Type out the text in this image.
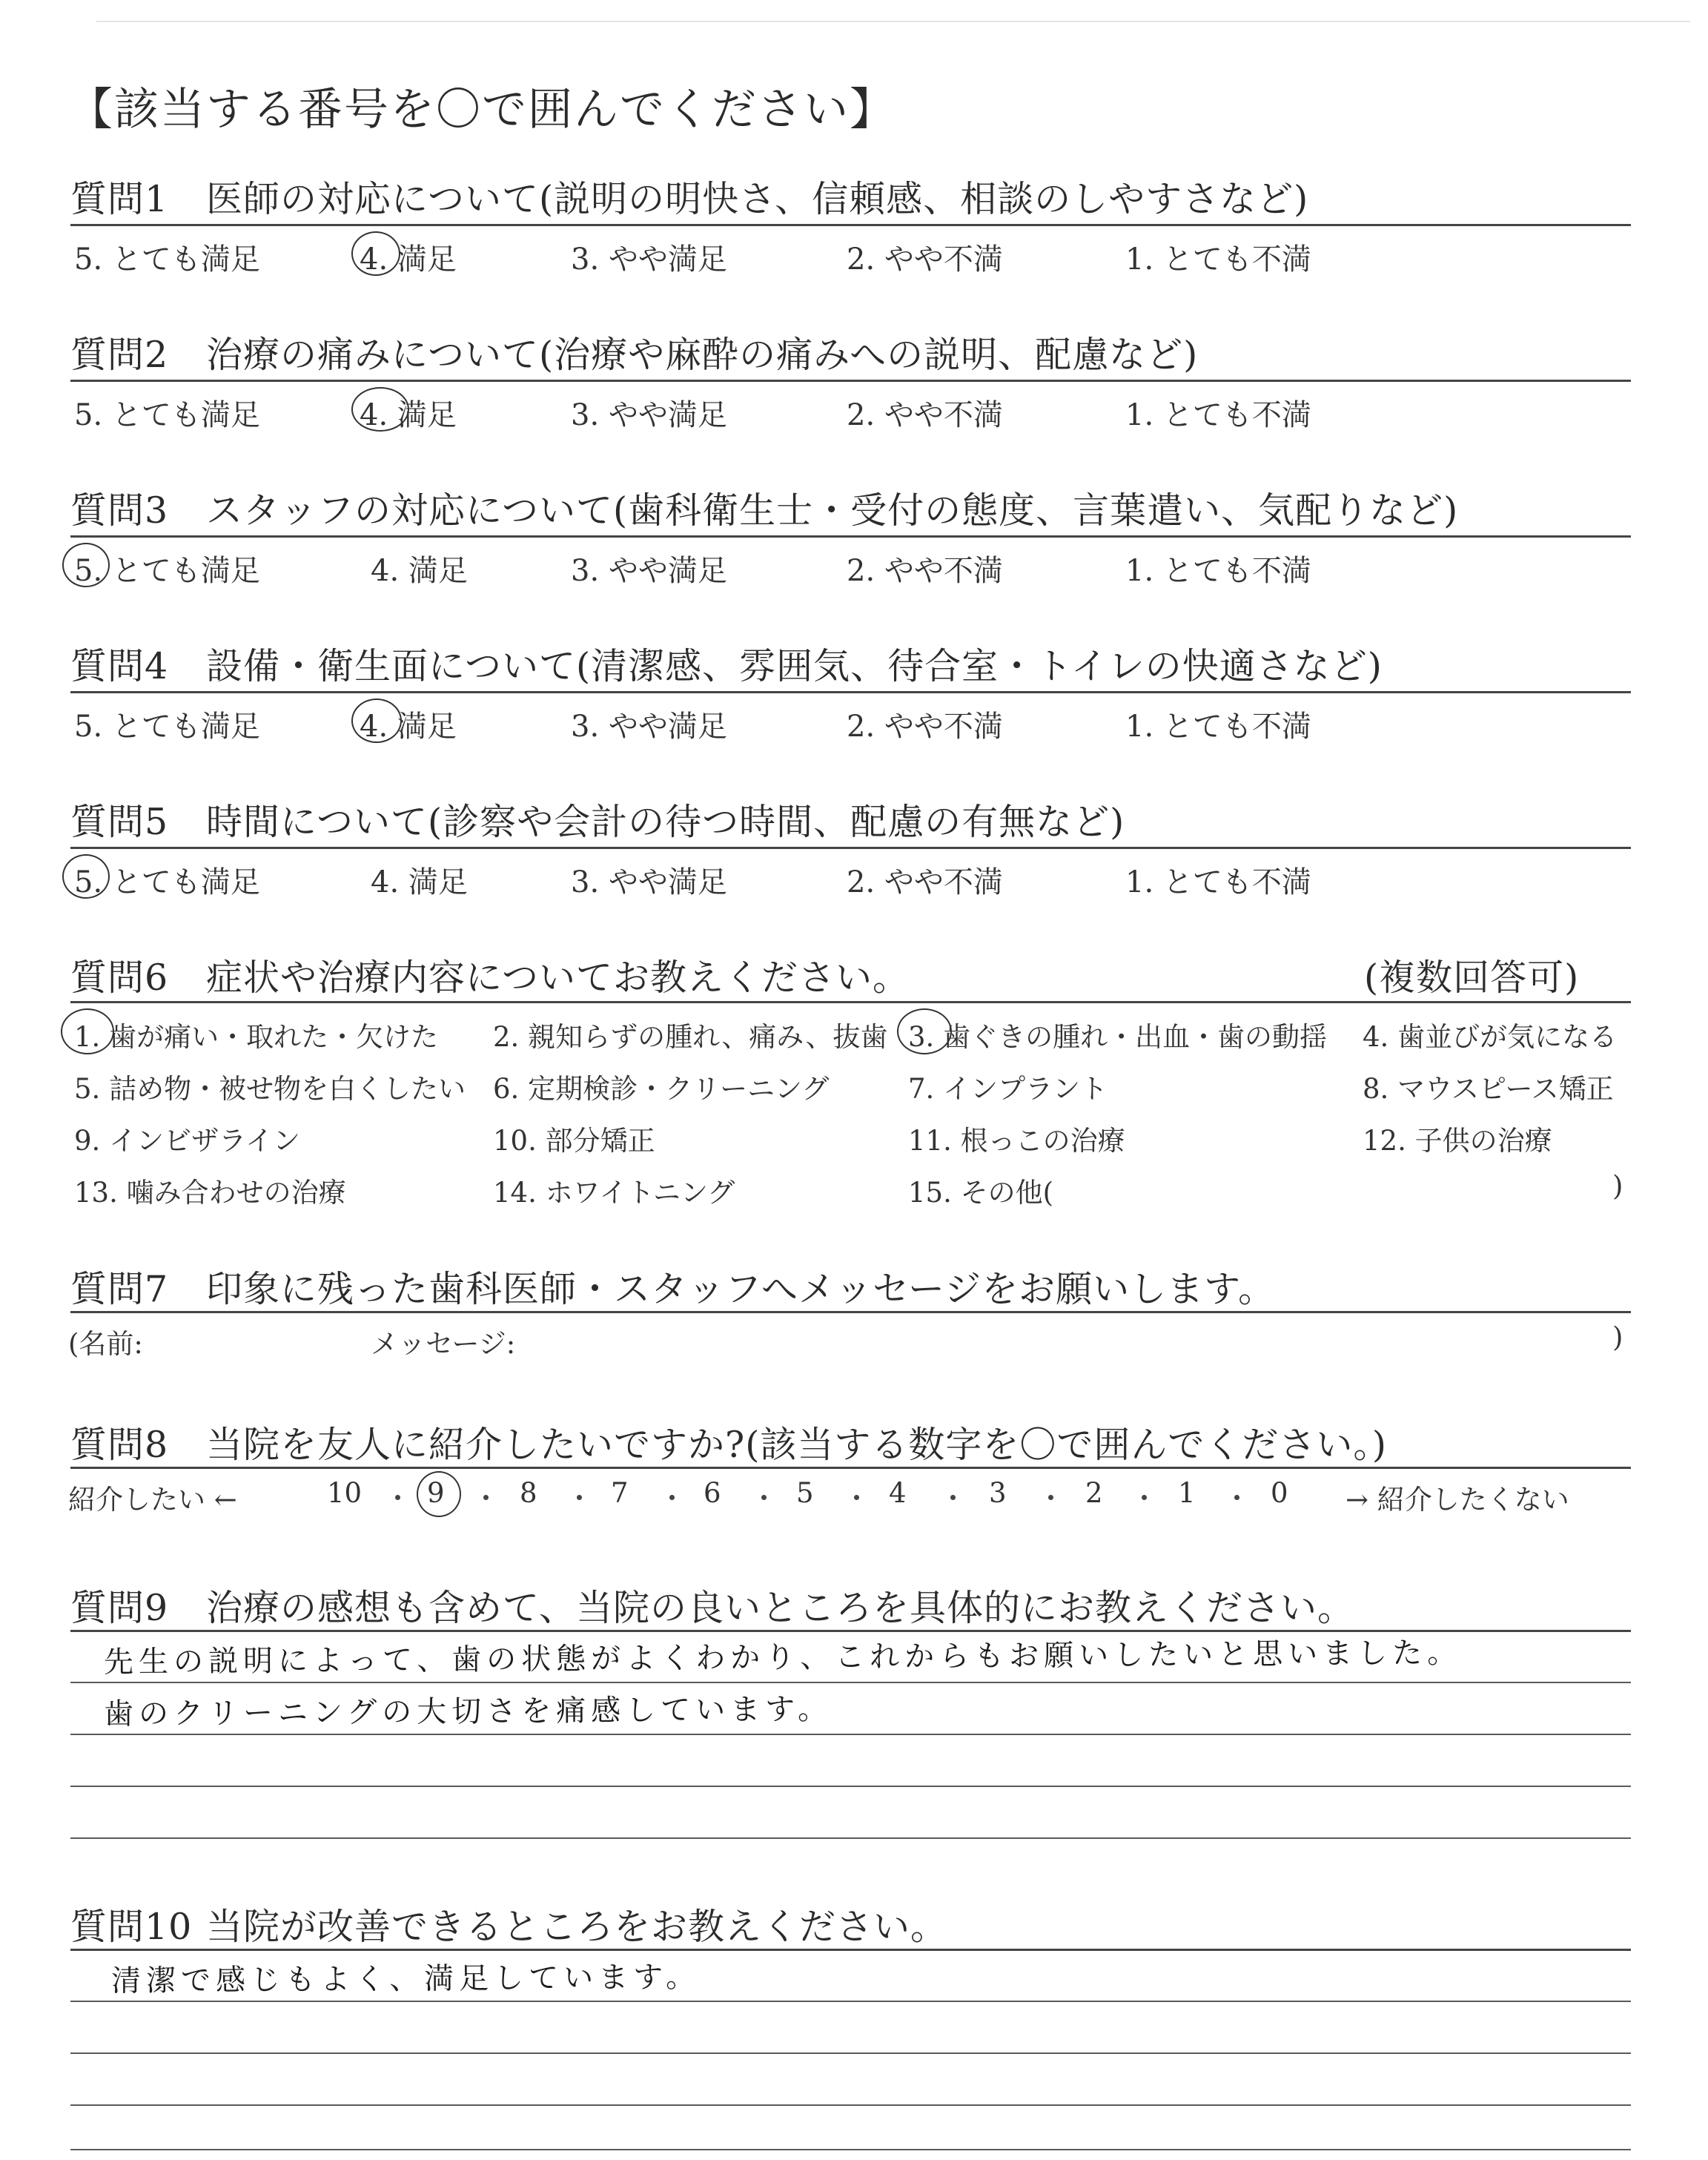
【該当する番号を〇で囲んでください】
質問1 医師の対応について(説明の明快さ、信頼感、相談のしやすさなど)
5. とても満足	4. 満足	3. やや満足	2. やや不満	1. とても不満
質問2 治療の痛みについて(治療や麻酔の痛みへの説明、配慮など)
5. とても満足	4. 満足	3. やや満足	2. やや不満	1. とても不満
質問3 スタッフの対応について(歯科衛生士・受付の態度、言葉遣い、気配りなど)
5. とても満足	4. 満足	3. やや満足	2. やや不満	1. とても不満
質問4 設備・衛生面について(清潔感、雰囲気、待合室・トイレの快適さなど)
5. とても満足	4. 満足	3. やや満足	2. やや不満	1. とても不満
質問5 時間について(診察や会計の待つ時間、配慮の有無など)
5. とても満足	4. 満足	3. やや満足	2. やや不満	1. とても不満
質問6 症状や治療内容についてお教えください。	(複数回答可)
1. 歯が痛い・取れた・欠けた 2. 親知らずの腫れ、痛み、抜歯 3. 歯ぐきの腫れ・出血・歯の動揺 4. 歯並びが気になる
5. 詰め物・被せ物を白くしたい 6. 定期検診・クリーニング	7. インプラント	8. マウスピース矯正
9. インビザライン	10. 部分矯正	11. 根っこの治療	12. 子供の治療
13. 噛み合わせの治療	14. ホワイトニング	15. その他(	)
質問7 印象に残った歯科医師・スタッフへメッセージをお願いします。
(名前:	メッセージ:	)
質問8 当院を友人に紹介したいですか?(該当する数字を〇で囲んでください。)
紹介したい ←	10 9	8	7	6	5	4	3	2	1	0 → 紹介したくない
質問9 治療の感想も含めて、当院の良いところを具体的にお教えください。
先生の説明によって、歯の状態がよくわかり、これからもお願いしたいと思いました。
歯のクリーニングの大切さを痛感しています。
質問10 当院が改善できるところをお教えください。
清潔で感じもよく、満足しています。
